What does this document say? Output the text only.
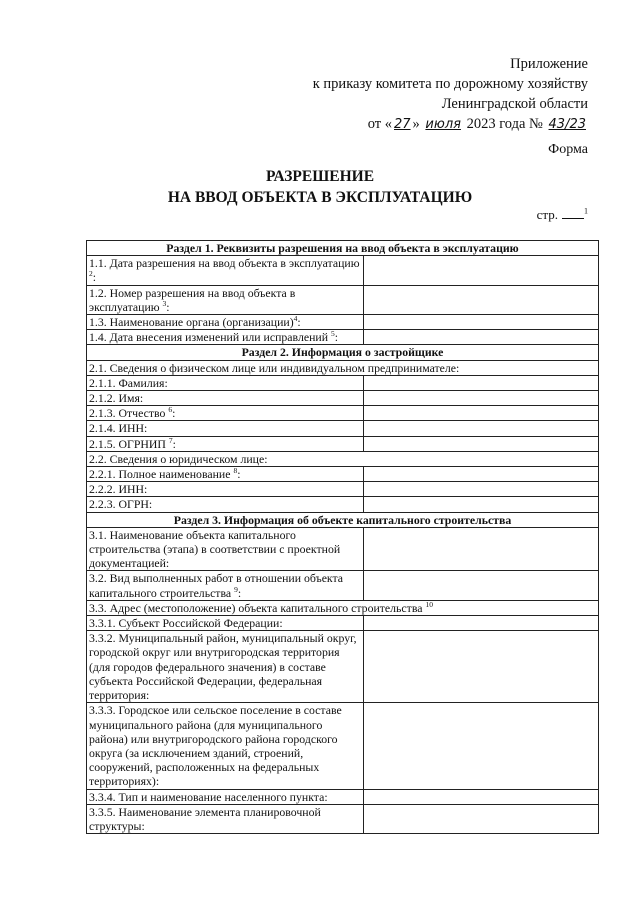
Приложение
к приказу комитета по дорожному хозяйству
Ленинградской области
от « 27 » июля 2023 года № 43/23
Форма
РАЗРЕШЕНИЕ
НА ВВОД ОБЪЕКТА В ЭКСПЛУАТАЦИЮ
стр.	$^1$
Раздел 1. Реквизиты разрешения на ввод объекта в эксплуатацию	
1.1. Дата разрешения на ввод объекта в эксплуатацию $^2$:	
1.2. Номер разрешения на ввод объекта в эксплуатацию $^3$:	
1.3. Наименование органа (организации)$^4$:	
1.4. Дата внесения изменений или исправлений $^5$:	
Раздел 2. Информация о застройщике	
2.1. Сведения о физическом лице или индивидуальном предпринимателе:	
2.1.1. Фамилия:	
2.1.2. Имя:	
2.1.3. Отчество $^6$:	
2.1.4. ИНН:	
2.1.5. ОГРНИП $^7$:	
2.2. Сведения о юридическом лице:	
2.2.1. Полное наименование $^8$:	
2.2.2. ИНН:	
2.2.3. ОГРН:	
Раздел 3. Информация об объекте капитального строительства	
3.1. Наименование объекта капитального строительства (этапа) в соответствии с проектной документацией:	
3.2. Вид выполненных работ в отношении объекта капитального строительства $^9$:	
3.3. Адрес (местоположение) объекта капитального строительства $^{10}$
3.3.1. Субъект Российской Федерации:	
3.3.2. Муниципальный район, муниципальный округ, городской округ или внутригородская территория (для городов федерального значения) в составе субъекта Российской Федерации, федеральная территория:	
3.3.3. Городское или сельское поселение в составе муниципального района (для муниципального района) или внутригородского района городского округа (за исключением зданий, строений, сооружений, расположенных на федеральных территориях):	
3.3.4. Тип и наименование населенного пункта:	
3.3.5. Наименование элемента планировочной структуры:	
